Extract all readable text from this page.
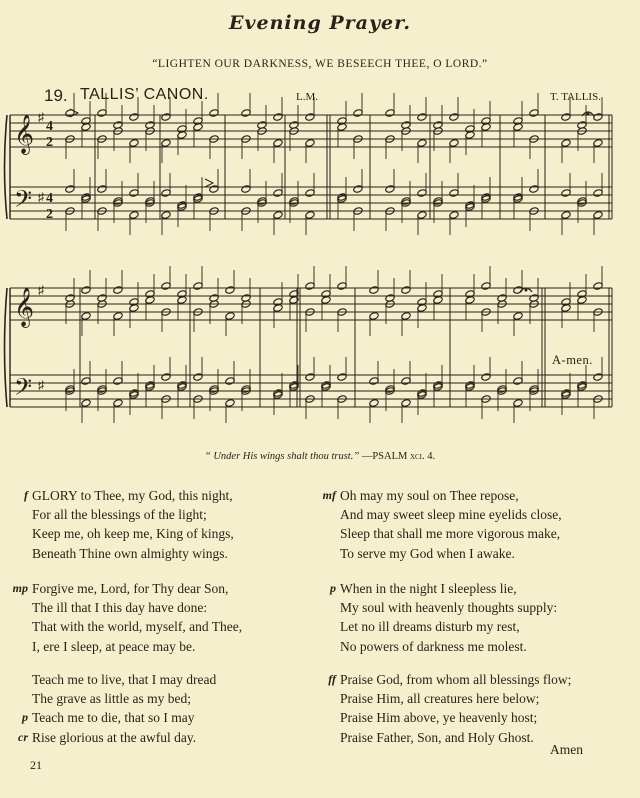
Evening Prayer.
“LIGHTEN OUR DARKNESS, WE BESEECH THEE, O LORD.”
19. TALLIS’ CANON.	L.M.	T. TALLIS.
𝄞
𝄢
♯
♯
4
2
4
2
𝄞
𝄢
♯
♯
A-men.
“ Under His wings shalt thou trust.” —PSALM xci. 4.
f GLORY to Thee, my God, this night,
For all the blessings of the light;
Keep me, oh keep me, King of kings,
Beneath Thine own almighty wings.
mp Forgive me, Lord, for Thy dear Son,
The ill that I this day have done:
That with the world, myself, and Thee,
I, ere I sleep, at peace may be.
Teach me to live, that I may dread
The grave as little as my bed;
p Teach me to die, that so I may
cr Rise glorious at the awful day.
mf Oh may my soul on Thee repose,
And may sweet sleep mine eyelids close,
Sleep that shall me more vigorous make,
To serve my God when I awake.
p When in the night I sleepless lie,
My soul with heavenly thoughts supply:
Let no ill dreams disturb my rest,
No powers of darkness me molest.
ff Praise God, from whom all blessings flow;
Praise Him, all creatures here below;
Praise Him above, ye heavenly host;
Praise Father, Son, and Holy Ghost.
Amen
21
